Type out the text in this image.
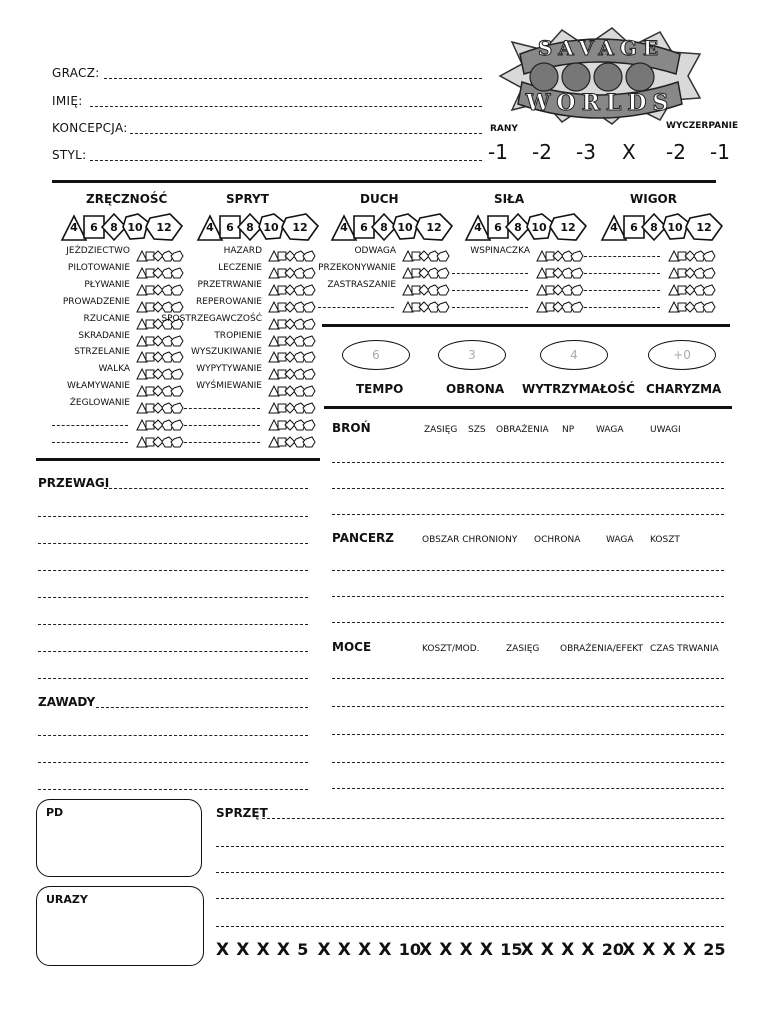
GRACZ:
IMIĘ:
KONCEPCJA:
STYL:
SAVAGE
WORLDS
RANY	WYCZERPANIE
-1 -2 -3 X -2 -1
ZRĘCZNOŚĆ
4	6	8 10 12
SPRYT
4	6	8 10 12
DUCH
4	6	8 10 12
SIŁA
4	6	8 10 12
WIGOR
4	6	8 10 12
JEŹDZIECTWO
PILOTOWANIE
PŁYWANIE
PROWADZENIE
RZUCANIE
SKRADANIE
STRZELANIE
WALKA
WŁAMYWANIE
ŻEGLOWANIE
HAZARD
LECZENIE
PRZETRWANIE
REPEROWANIE
SPOSTRZEGAWCZOŚĆ
TROPIENIE
WYSZUKIWANIE
WYPYTYWANIE
WYŚMIEWANIE
ODWAGA
PRZEKONYWANIE
ZASTRASZANIE
WSPINACZKA
6
TEMPO
3
OBRONA
4
WYTRZYMAŁOŚĆ
+0
CHARYZMA
BROŃ	ZASIĘG SZS OBRAŻENIA NP WAGA	UWAGI
PANCERZ	OBSZAR CHRONIONY OCHRONA	WAGA KOSZT
MOCE	KOSZT/MOD.	ZASIĘG OBRAŻENIA/EFEKT CZAS TRWANIA
PRZEWAGI
ZAWADY
PD
URAZY
SPRZĘT
X X X X 5 X X X X 10
X X X X 15
X X X X 20
X X X X 25
